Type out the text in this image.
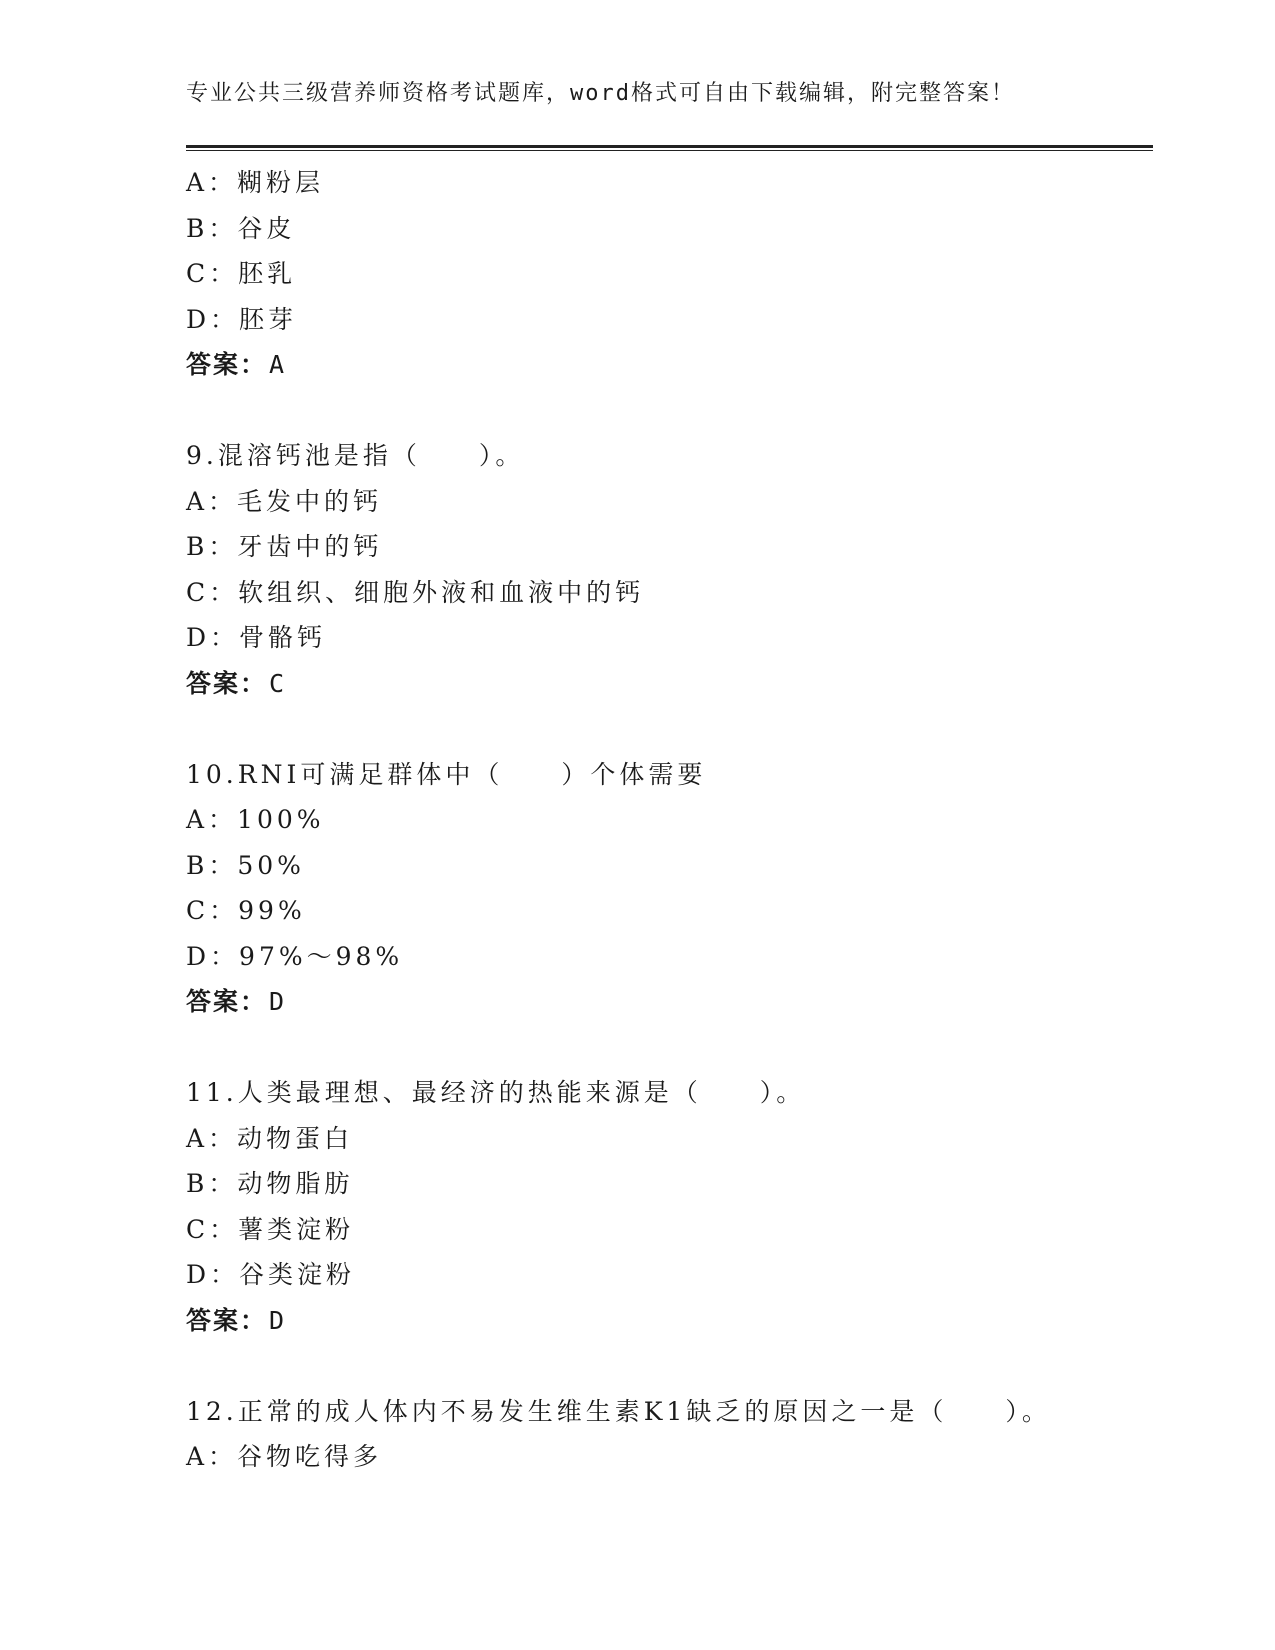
专业公共三级营养师资格考试题库，word格式可自由下载编辑，附完整答案！
A：糊粉层
B：谷皮
C：胚乳
D：胚芽
答案：A
9.混溶钙池是指（　　）。
A：毛发中的钙
B：牙齿中的钙
C：软组织、细胞外液和血液中的钙
D：骨骼钙
答案：C
10.RNI可满足群体中（　　）个体需要
A：100%
B：50%
C：99%
D：97%～98%
答案：D
11.人类最理想、最经济的热能来源是（　　）。
A：动物蛋白
B：动物脂肪
C：薯类淀粉
D：谷类淀粉
答案：D
12.正常的成人体内不易发生维生素K1缺乏的原因之一是（　　）。
A：谷物吃得多
